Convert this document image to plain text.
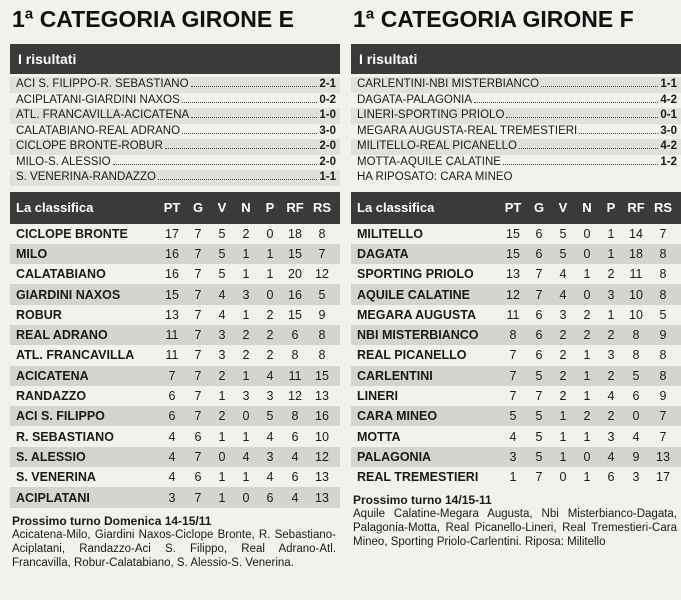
1ª CATEGORIA GIRONE E
I risultati
ACI S. FILIPPO-R. SEBASTIANO	2-1
ACIPLATANI-GIARDINI NAXOS	0-2
ATL. FRANCAVILLA-ACICATENA	1-0
CALATABIANO-REAL ADRANO	3-0
CICLOPE BRONTE-ROBUR	2-0
MILO-S. ALESSIO	2-0
S. VENERINA-RANDAZZO	1-1
La classifica	PT G	V	N	P RF RS
CICLOPE BRONTE	17	7	5	2	0	18	8
MILO	16	7	5	1	1	15	7
CALATABIANO	16	7	5	1	1	20	12
GIARDINI NAXOS	15	7	4	3	0	16	5
ROBUR	13	7	4	1	2	15	9
REAL ADRANO	11	7	3	2	2	6	8
ATL. FRANCAVILLA	11	7	3	2	2	8	8
ACICATENA	7	7	2	1	4	11	15
RANDAZZO	6	7	1	3	3	12	13
ACI S. FILIPPO	6	7	2	0	5	8	16
R. SEBASTIANO	4	6	1	1	4	6	10
S. ALESSIO	4	7	0	4	3	4	12
S. VENERINA	4	6	1	1	4	6	13
ACIPLATANI	3	7	1	0	6	4	13
Prossimo turno Domenica 14-15/11
Acicatena-Milo, Giardini Naxos-Ciclope Bronte, R. Sebastiano-Aciplatani, Randazzo-Aci S. Filippo, Real Adrano-Atl. Francavilla, Robur-Calatabiano, S. Alessio-S. Venerina.
1ª CATEGORIA GIRONE F
I risultati
CARLENTINI-NBI MISTERBIANCO	1-1
DAGATA-PALAGONIA	4-2
LINERI-SPORTING PRIOLO	0-1
MEGARA AUGUSTA-REAL TREMESTIERI	3-0
MILITELLO-REAL PICANELLO	4-2
MOTTA-AQUILE CALATINE	1-2
HA RIPOSATO: CARA MINEO
La classifica	PT G	V	N	P RF RS
MILITELLO	15	6	5	0	1	14	7
DAGATA	15	6	5	0	1	18	8
SPORTING PRIOLO	13	7	4	1	2	11	8
AQUILE CALATINE	12	7	4	0	3	10	8
MEGARA AUGUSTA	11	6	3	2	1	10	5
NBI MISTERBIANCO	8	6	2	2	2	8	9
REAL PICANELLO	7	6	2	1	3	8	8
CARLENTINI	7	5	2	1	2	5	8
LINERI	7	7	2	1	4	6	9
CARA MINEO	5	5	1	2	2	0	7
MOTTA	4	5	1	1	3	4	7
PALAGONIA	3	5	1	0	4	9	13
REAL TREMESTIERI	1	7	0	1	6	3	17
Prossimo turno 14/15-11
Aquile Calatine-Megara Augusta, Nbi Misterbianco-Dagata, Palagonia-Motta, Real Picanello-Lineri, Real Tremestieri-Cara Mineo, Sporting Priolo-Carlentini. Riposa: Militello
